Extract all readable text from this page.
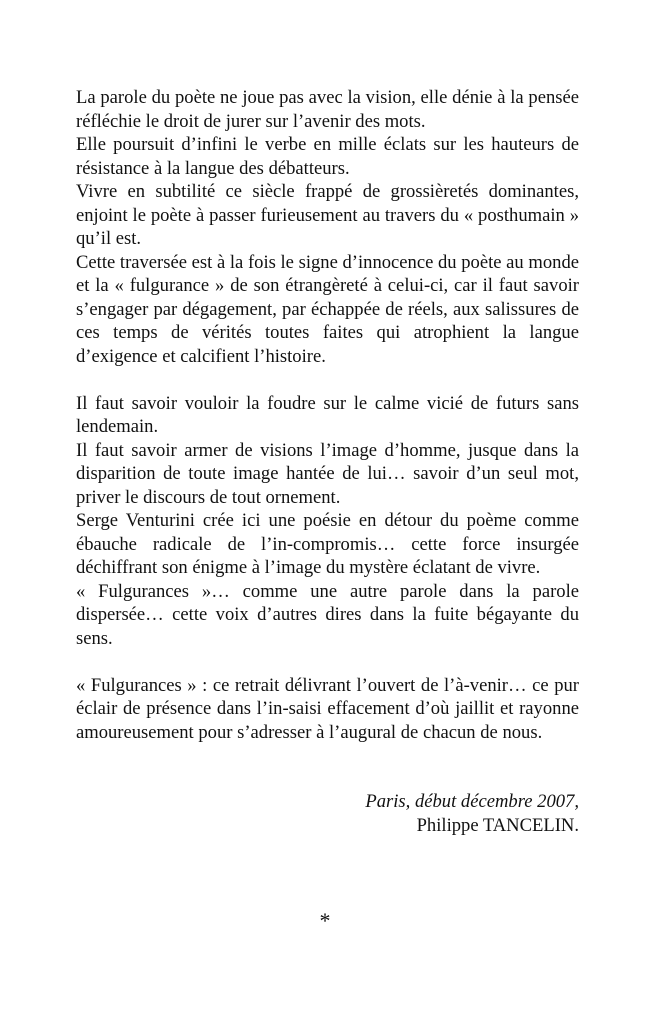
La parole du poète ne joue pas avec la vision, elle dénie à la pensée réfléchie le droit de jurer sur l’avenir des mots.

Elle poursuit d’infini le verbe en mille éclats sur les hauteurs de résistance à la langue des débatteurs.

Vivre en subtilité ce siècle frappé de grossièretés dominantes, enjoint le poète à passer furieusement au travers du « posthumain » qu’il est.

Cette traversée est à la fois le signe d’innocence du poète au monde et la « fulgurance » de son étrangèreté à celui-ci, car il faut savoir s’engager par dégagement, par échappée de réels, aux salissures de ces temps de vérités toutes faites qui atrophient la langue d’exigence et calcifient l’histoire.

Il faut savoir vouloir la foudre sur le calme vicié de futurs sans lendemain.

Il faut savoir armer de visions l’image d’homme, jusque dans la disparition de toute image hantée de lui… savoir d’un seul mot, priver le discours de tout ornement.

Serge Venturini crée ici une poésie en détour du poème comme ébauche radicale de l’in-compromis… cette force insurgée déchiffrant son énigme à l’image du mystère éclatant de vivre.

« Fulgurances »… comme une autre parole dans la parole dispersée… cette voix d’autres dires dans la fuite bégayante du sens.

« Fulgurances » : ce retrait délivrant l’ouvert de l’à-venir… ce pur éclair de présence dans l’in-saisi effacement d’où jaillit et rayonne amoureusement pour s’adresser à l’augural de chacun de nous.

Paris, début décembre 2007,
Philippe TANCELIN.
*
